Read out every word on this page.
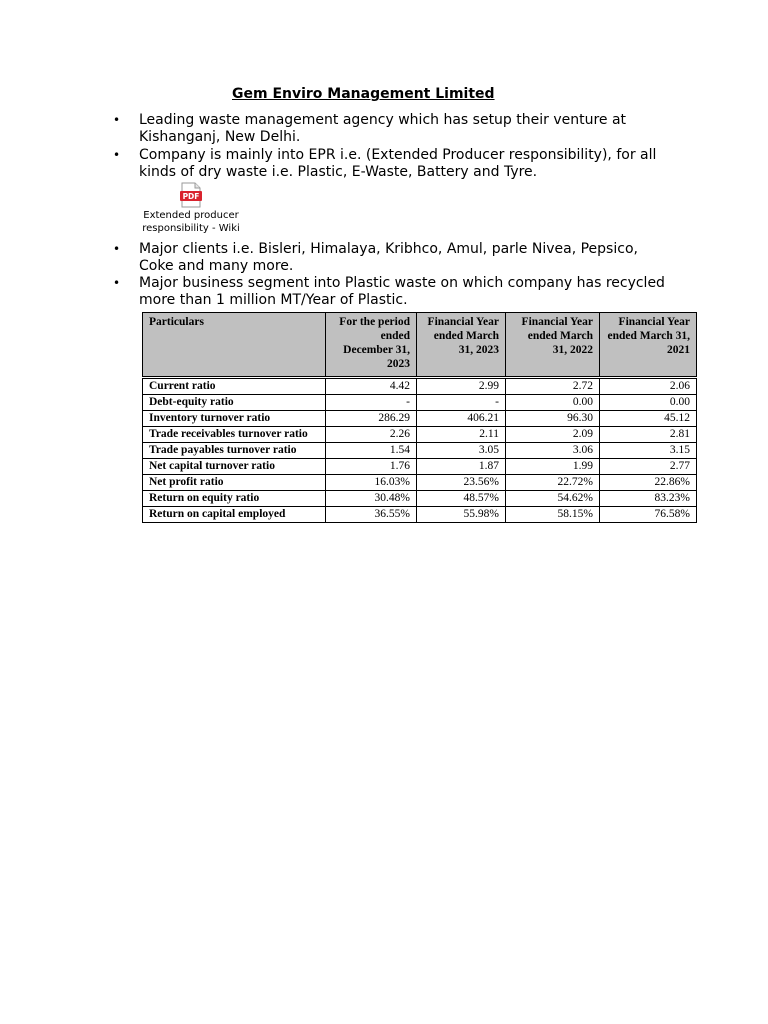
Gem Enviro Management Limited
• Leading waste management agency which has setup their venture at Kishanganj, New Delhi.
• Company is mainly into EPR i.e. (Extended Producer responsibility), for all kinds of dry waste i.e. Plastic, E-Waste, Battery and Tyre.
PDF
Extended producer responsibility - Wiki
• Major clients i.e. Bisleri, Himalaya, Kribhco, Amul, parle Nivea, Pepsico, Coke and many more.
• Major business segment into Plastic waste on which company has recycled more than 1 million MT/Year of Plastic.
Particulars	For the period ended December 31, 2023	Financial Year ended March 31, 2023	Financial Year ended March 31, 2022	Financial Year ended March 31, 2021

Current ratio	4.42	2.99	2.72	2.06
Debt-equity ratio	-	-	0.00	0.00
Inventory turnover ratio	286.29	406.21	96.30	45.12
Trade receivables turnover ratio	2.26	2.11	2.09	2.81
Trade payables turnover ratio	1.54	3.05	3.06	3.15
Net capital turnover ratio	1.76	1.87	1.99	2.77
Net profit ratio	16.03%	23.56%	22.72%	22.86%
Return on equity ratio	30.48%	48.57%	54.62%	83.23%
Return on capital employed	36.55%	55.98%	58.15%	76.58%
